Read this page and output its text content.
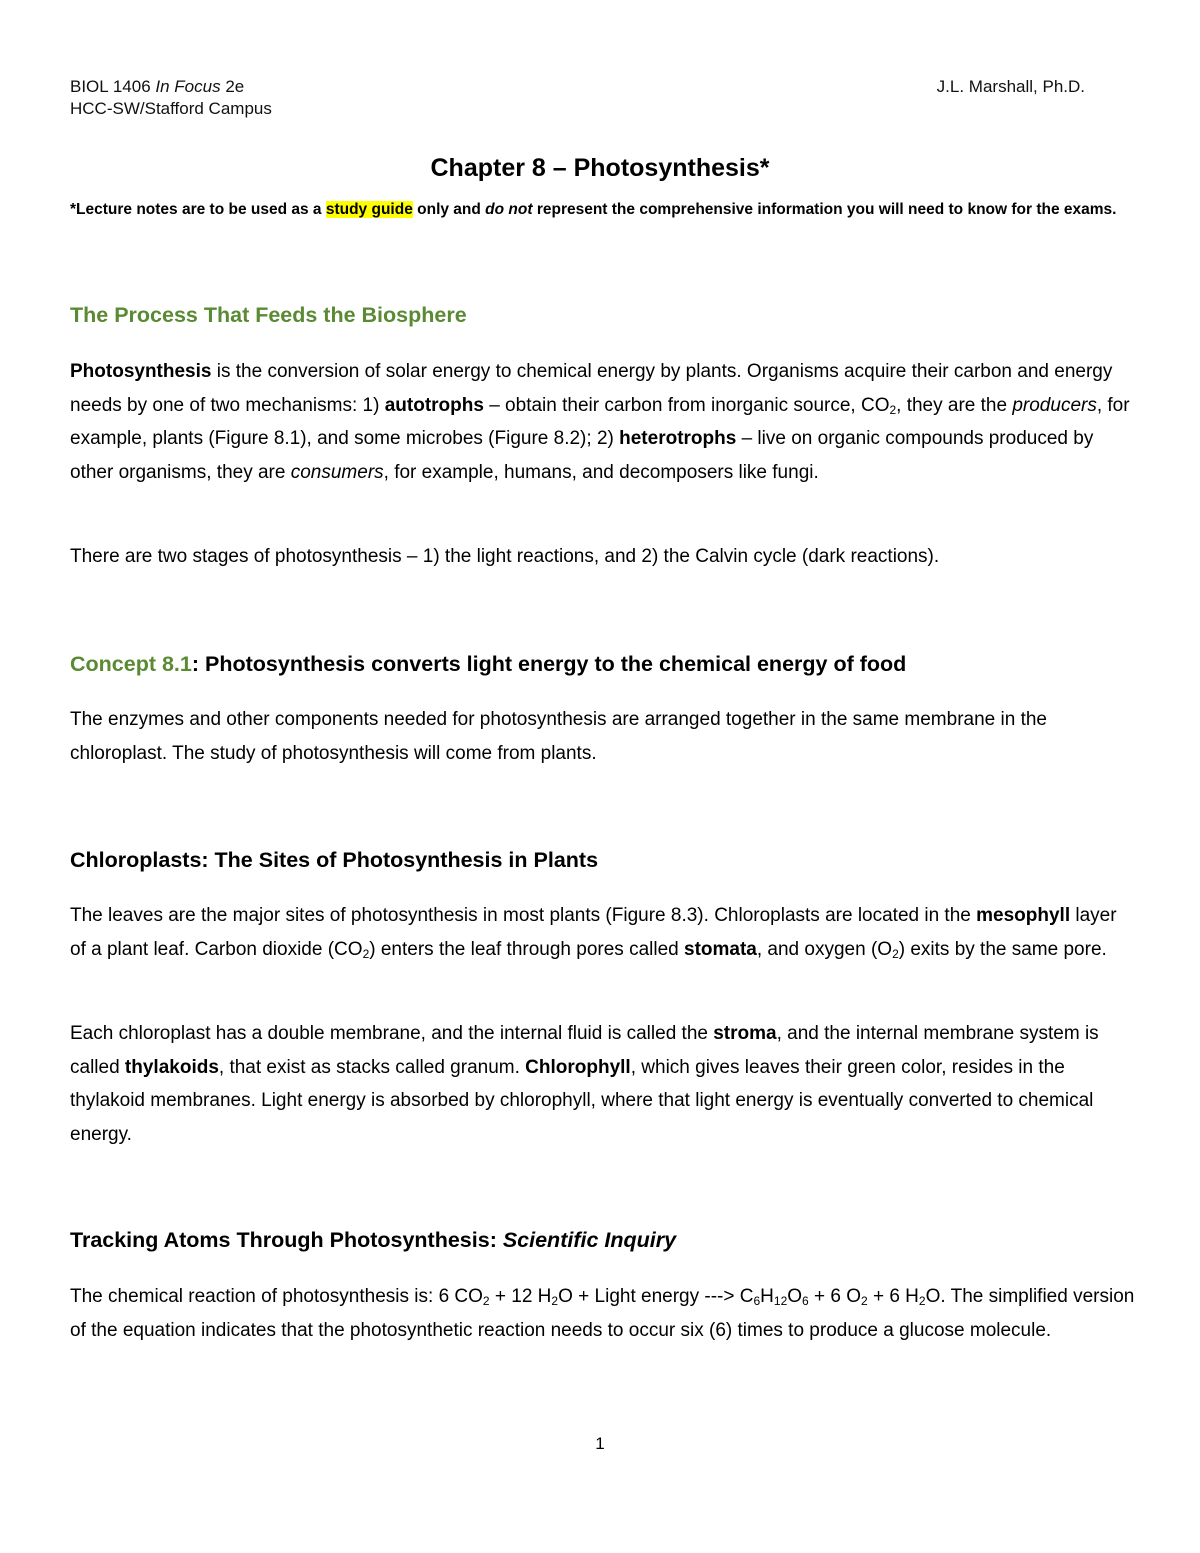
BIOL 1406 In Focus 2e
HCC-SW/Stafford Campus
J.L. Marshall, Ph.D.
Chapter 8 – Photosynthesis*
*Lecture notes are to be used as a study guide only and do not represent the comprehensive information you will need to know for the exams.
The Process That Feeds the Biosphere

Photosynthesis is the conversion of solar energy to chemical energy by plants. Organisms acquire their carbon and energy needs by one of two mechanisms: 1) autotrophs – obtain their carbon from inorganic source, $CO_2$, they are the producers, for example, plants (Figure 8.1), and some microbes (Figure 8.2); 2) heterotrophs – live on organic compounds produced by other organisms, they are consumers, for example, humans, and decomposers like fungi.

There are two stages of photosynthesis – 1) the light reactions, and 2) the Calvin cycle (dark reactions).

Concept 8.1: Photosynthesis converts light energy to the chemical energy of food

The enzymes and other components needed for photosynthesis are arranged together in the same membrane in the chloroplast. The study of photosynthesis will come from plants.

Chloroplasts: The Sites of Photosynthesis in Plants

The leaves are the major sites of photosynthesis in most plants (Figure 8.3). Chloroplasts are located in the mesophyll layer of a plant leaf. Carbon dioxide $(CO_2)$ enters the leaf through pores called stomata, and oxygen $(O_2)$ exits by the same pore.

Each chloroplast has a double membrane, and the internal fluid is called the stroma, and the internal membrane system is called thylakoids, that exist as stacks called granum. Chlorophyll, which gives leaves their green color, resides in the thylakoid membranes. Light energy is absorbed by chlorophyll, where that light energy is eventually converted to chemical energy.

Tracking Atoms Through Photosynthesis: Scientific Inquiry

The chemical reaction of photosynthesis is: 6 $CO_2 + 12$ $H_2O$ + Light energy ---> $C_6H_{12}O_6 + 6$ $O_2 + 6$ $H_2O$. The simplified version of the equation indicates that the photosynthetic reaction needs to occur six (6) times to produce a glucose molecule.

1
